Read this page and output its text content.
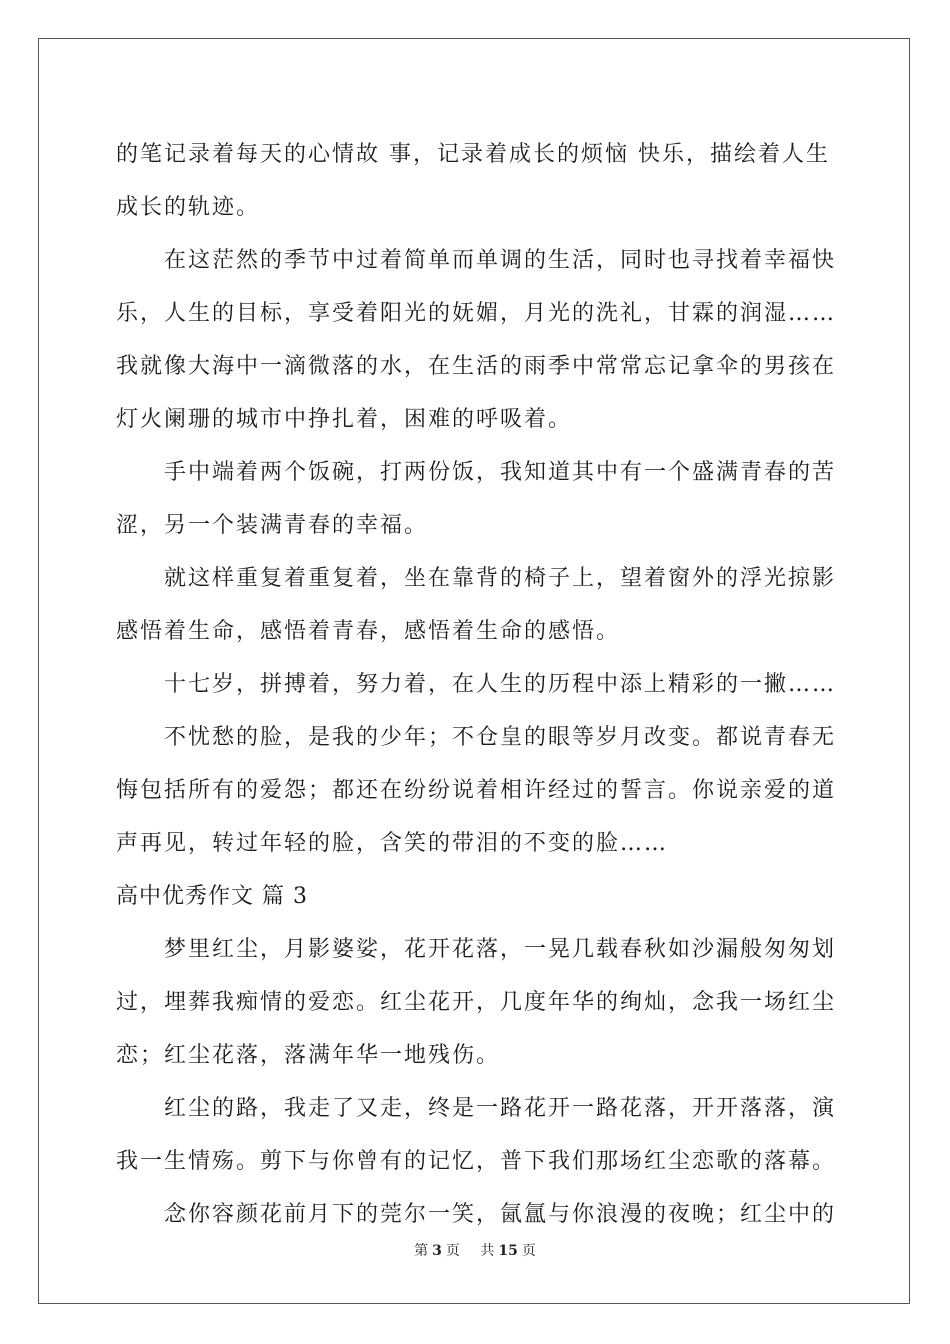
的笔记录着每天的心情故 事，记录着成长的烦恼 快乐，描绘着人生
成长的轨迹。
在这茫然的季节中过着简单而单调的生活，同时也寻找着幸福快
乐，人生的目标，享受着阳光的妩媚，月光的洗礼，甘霖的润湿……
我就像大海中一滴微落的水，在生活的雨季中常常忘记拿伞的男孩在
灯火阑珊的城市中挣扎着，困难的呼吸着。
手中端着两个饭碗，打两份饭，我知道其中有一个盛满青春的苦
涩，另一个装满青春的幸福。
就这样重复着重复着，坐在靠背的椅子上，望着窗外的浮光掠影
感悟着生命，感悟着青春，感悟着生命的感悟。
十七岁，拼搏着，努力着，在人生的历程中添上精彩的一撇……
不忧愁的脸，是我的少年；不仓皇的眼等岁月改变。都说青春无
悔包括所有的爱怨；都还在纷纷说着相许经过的誓言。你说亲爱的道
声再见，转过年轻的脸，含笑的带泪的不变的脸……
高中优秀作文 篇 3
梦里红尘，月影婆娑，花开花落，一晃几载春秋如沙漏般匆匆划
过，埋葬我痴情的爱恋。红尘花开，几度年华的绚灿，念我一场红尘
恋；红尘花落，落满年华一地残伤。
红尘的路，我走了又走，终是一路花开一路花落，开开落落，演
我一生情殇。剪下与你曾有的记忆，普下我们那场红尘恋歌的落幕。
念你容颜花前月下的莞尔一笑，氤氲与你浪漫的夜晚；红尘中的
第 3 页 共 15 页
